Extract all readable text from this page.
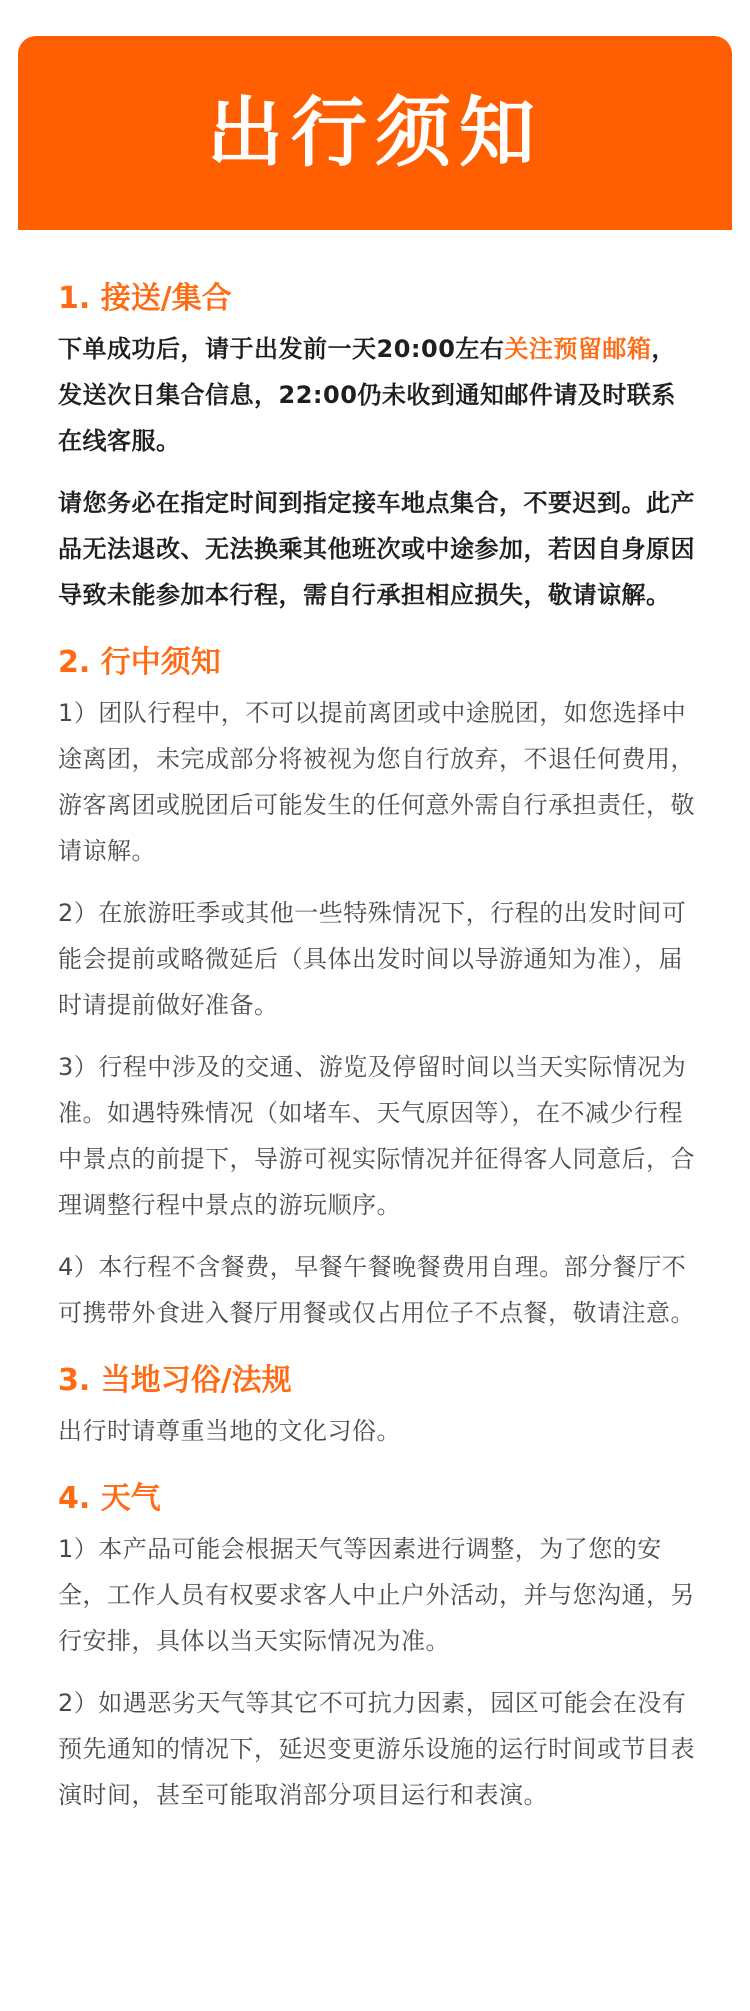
出行须知
1. 接送/集合

下单成功后，请于出发前一天20:00左右关注预留邮箱，发送次日集合信息，22:00仍未收到通知邮件请及时联系在线客服。

请您务必在指定时间到指定接车地点集合，不要迟到。此产品无法退改、无法换乘其他班次或中途参加，若因自身原因导致未能参加本行程，需自行承担相应损失，敬请谅解。

2. 行中须知

1）团队行程中，不可以提前离团或中途脱团，如您选择中途离团，未完成部分将被视为您自行放弃，不退任何费用，游客离团或脱团后可能发生的任何意外需自行承担责任，敬请谅解。

2）在旅游旺季或其他一些特殊情况下，行程的出发时间可能会提前或略微延后（具体出发时间以导游通知为准），届时请提前做好准备。

3）行程中涉及的交通、游览及停留时间以当天实际情况为准。如遇特殊情况（如堵车、天气原因等），在不减少行程中景点的前提下，导游可视实际情况并征得客人同意后，合理调整行程中景点的游玩顺序。

4）本行程不含餐费，早餐午餐晚餐费用自理。部分餐厅不可携带外食进入餐厅用餐或仅占用位子不点餐，敬请注意。

3. 当地习俗/法规

出行时请尊重当地的文化习俗。

4. 天气

1）本产品可能会根据天气等因素进行调整，为了您的安全，工作人员有权要求客人中止户外活动，并与您沟通，另行安排，具体以当天实际情况为准。

2）如遇恶劣天气等其它不可抗力因素，园区可能会在没有预先通知的情况下，延迟变更游乐设施的运行时间或节目表演时间，甚至可能取消部分项目运行和表演。
